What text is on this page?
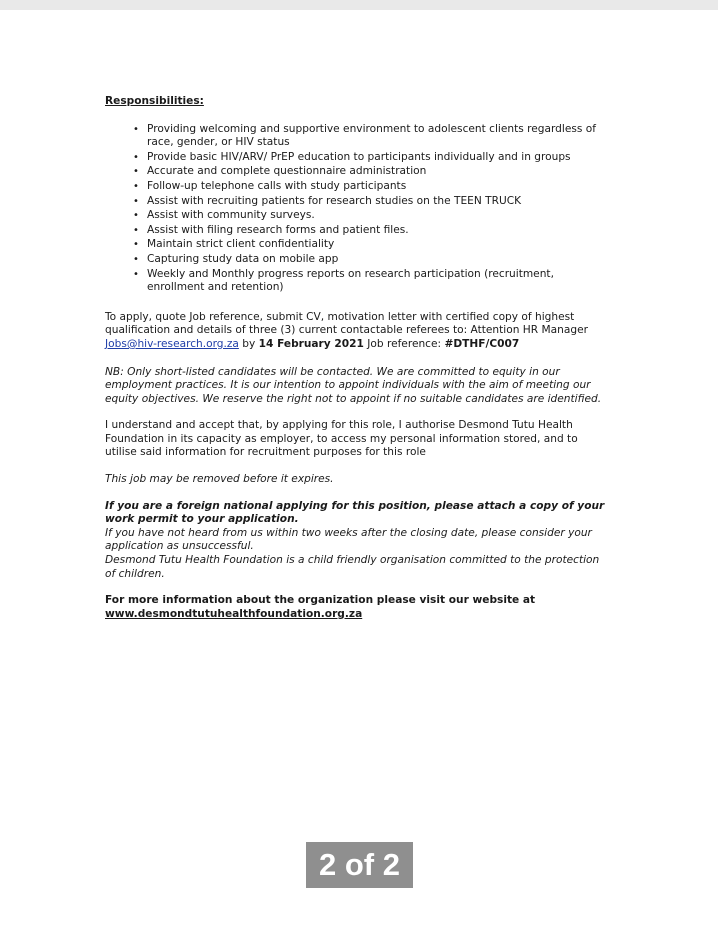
Responsibilities:
• Providing welcoming and supportive environment to adolescent clients regardless of race, gender, or HIV status
• Provide basic HIV/ARV/ PrEP education to participants individually and in groups
• Accurate and complete questionnaire administration
• Follow-up telephone calls with study participants
• Assist with recruiting patients for research studies on the TEEN TRUCK
• Assist with community surveys.
• Assist with filing research forms and patient files.
• Maintain strict client confidentiality
• Capturing study data on mobile app
• Weekly and Monthly progress reports on research participation (recruitment, enrollment and retention)

To apply, quote Job reference, submit CV, motivation letter with certified copy of highest qualification and details of three (3) current contactable referees to: Attention HR Manager Jobs@hiv-research.org.za by 14 February 2021 Job reference: #DTHF/C007

NB: Only short-listed candidates will be contacted. We are committed to equity in our employment practices. It is our intention to appoint individuals with the aim of meeting our equity objectives. We reserve the right not to appoint if no suitable candidates are identified.

I understand and accept that, by applying for this role, I authorise Desmond Tutu Health Foundation in its capacity as employer, to access my personal information stored, and to utilise said information for recruitment purposes for this role

This job may be removed before it expires.

If you are a foreign national applying for this position, please attach a copy of your work permit to your application.

If you have not heard from us within two weeks after the closing date, please consider your application as unsuccessful.

Desmond Tutu Health Foundation is a child friendly organisation committed to the protection of children.

For more information about the organization please visit our website at
www.desmondtutuhealthfoundation.org.za

2 of 2
